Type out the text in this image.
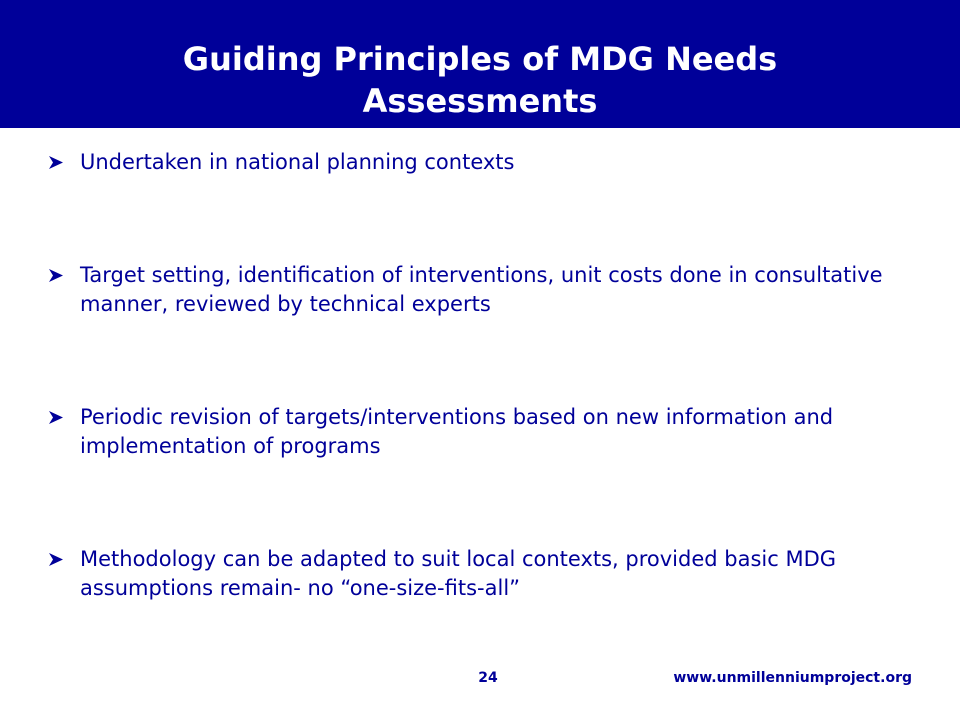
Guiding Principles of MDG Needs
Assessments
Undertaken in national planning contexts
Target setting, identification of interventions, unit costs done in consultative manner, reviewed by technical experts
Periodic revision of targets/interventions based on new information and implementation of programs
Methodology can be adapted to suit local contexts, provided basic MDG assumptions remain- no “one-size-fits-all”
24	www.unmillenniumproject.org
